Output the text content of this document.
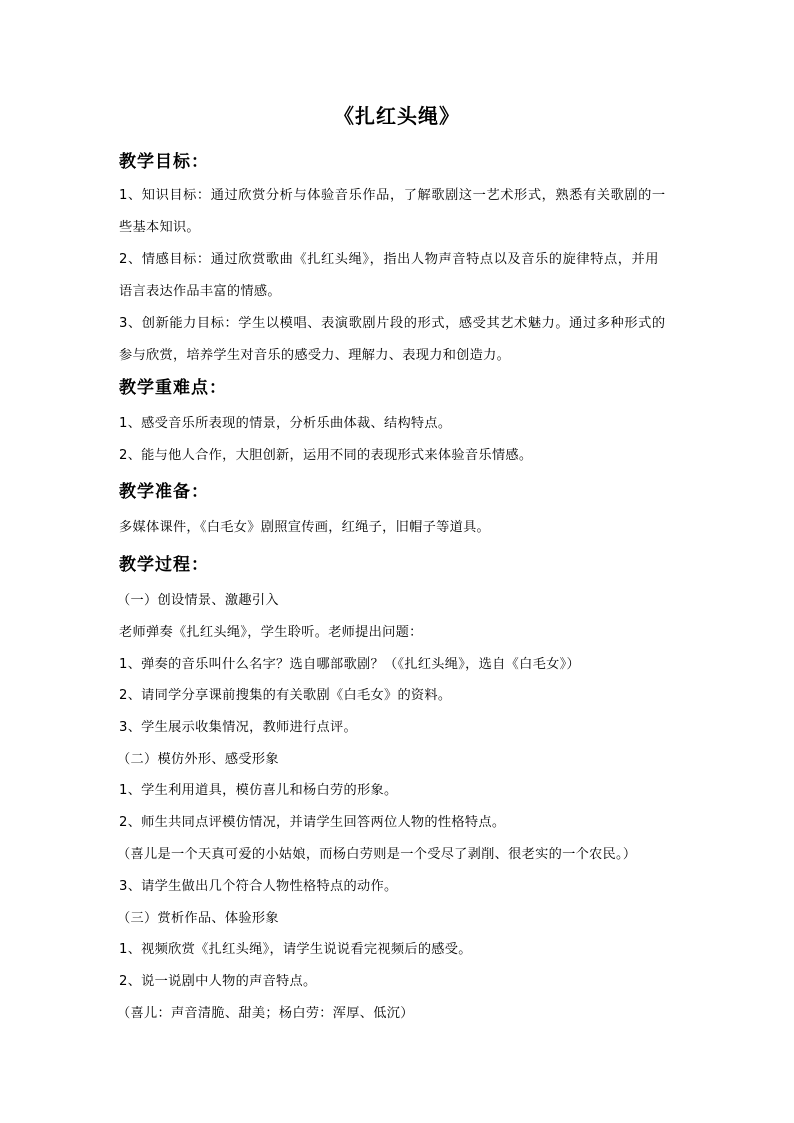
《扎红头绳》
教学目标：
1、知识目标：通过欣赏分析与体验音乐作品，了解歌剧这一艺术形式，熟悉有关歌剧的一
些基本知识。
2、情感目标：通过欣赏歌曲《扎红头绳》，指出人物声音特点以及音乐的旋律特点，并用
语言表达作品丰富的情感。
3、创新能力目标：学生以模唱、表演歌剧片段的形式，感受其艺术魅力。通过多种形式的
参与欣赏，培养学生对音乐的感受力、理解力、表现力和创造力。
教学重难点：
1、感受音乐所表现的情景，分析乐曲体裁、结构特点。
2、能与他人合作，大胆创新，运用不同的表现形式来体验音乐情感。
教学准备：
多媒体课件，《白毛女》剧照宣传画，红绳子，旧帽子等道具。
教学过程：
（一）创设情景、激趣引入
老师弹奏《扎红头绳》，学生聆听。老师提出问题：
1、弹奏的音乐叫什么名字？选自哪部歌剧？（《扎红头绳》，选自《白毛女》）
2、请同学分享课前搜集的有关歌剧《白毛女》的资料。
3、学生展示收集情况，教师进行点评。
（二）模仿外形、感受形象
1、学生利用道具，模仿喜儿和杨白劳的形象。
2、师生共同点评模仿情况，并请学生回答两位人物的性格特点。
（喜儿是一个天真可爱的小姑娘，而杨白劳则是一个受尽了剥削、很老实的一个农民。）
3、请学生做出几个符合人物性格特点的动作。
（三）赏析作品、体验形象
1、视频欣赏《扎红头绳》，请学生说说看完视频后的感受。
2、说一说剧中人物的声音特点。
（喜儿：声音清脆、甜美；杨白劳：浑厚、低沉）
